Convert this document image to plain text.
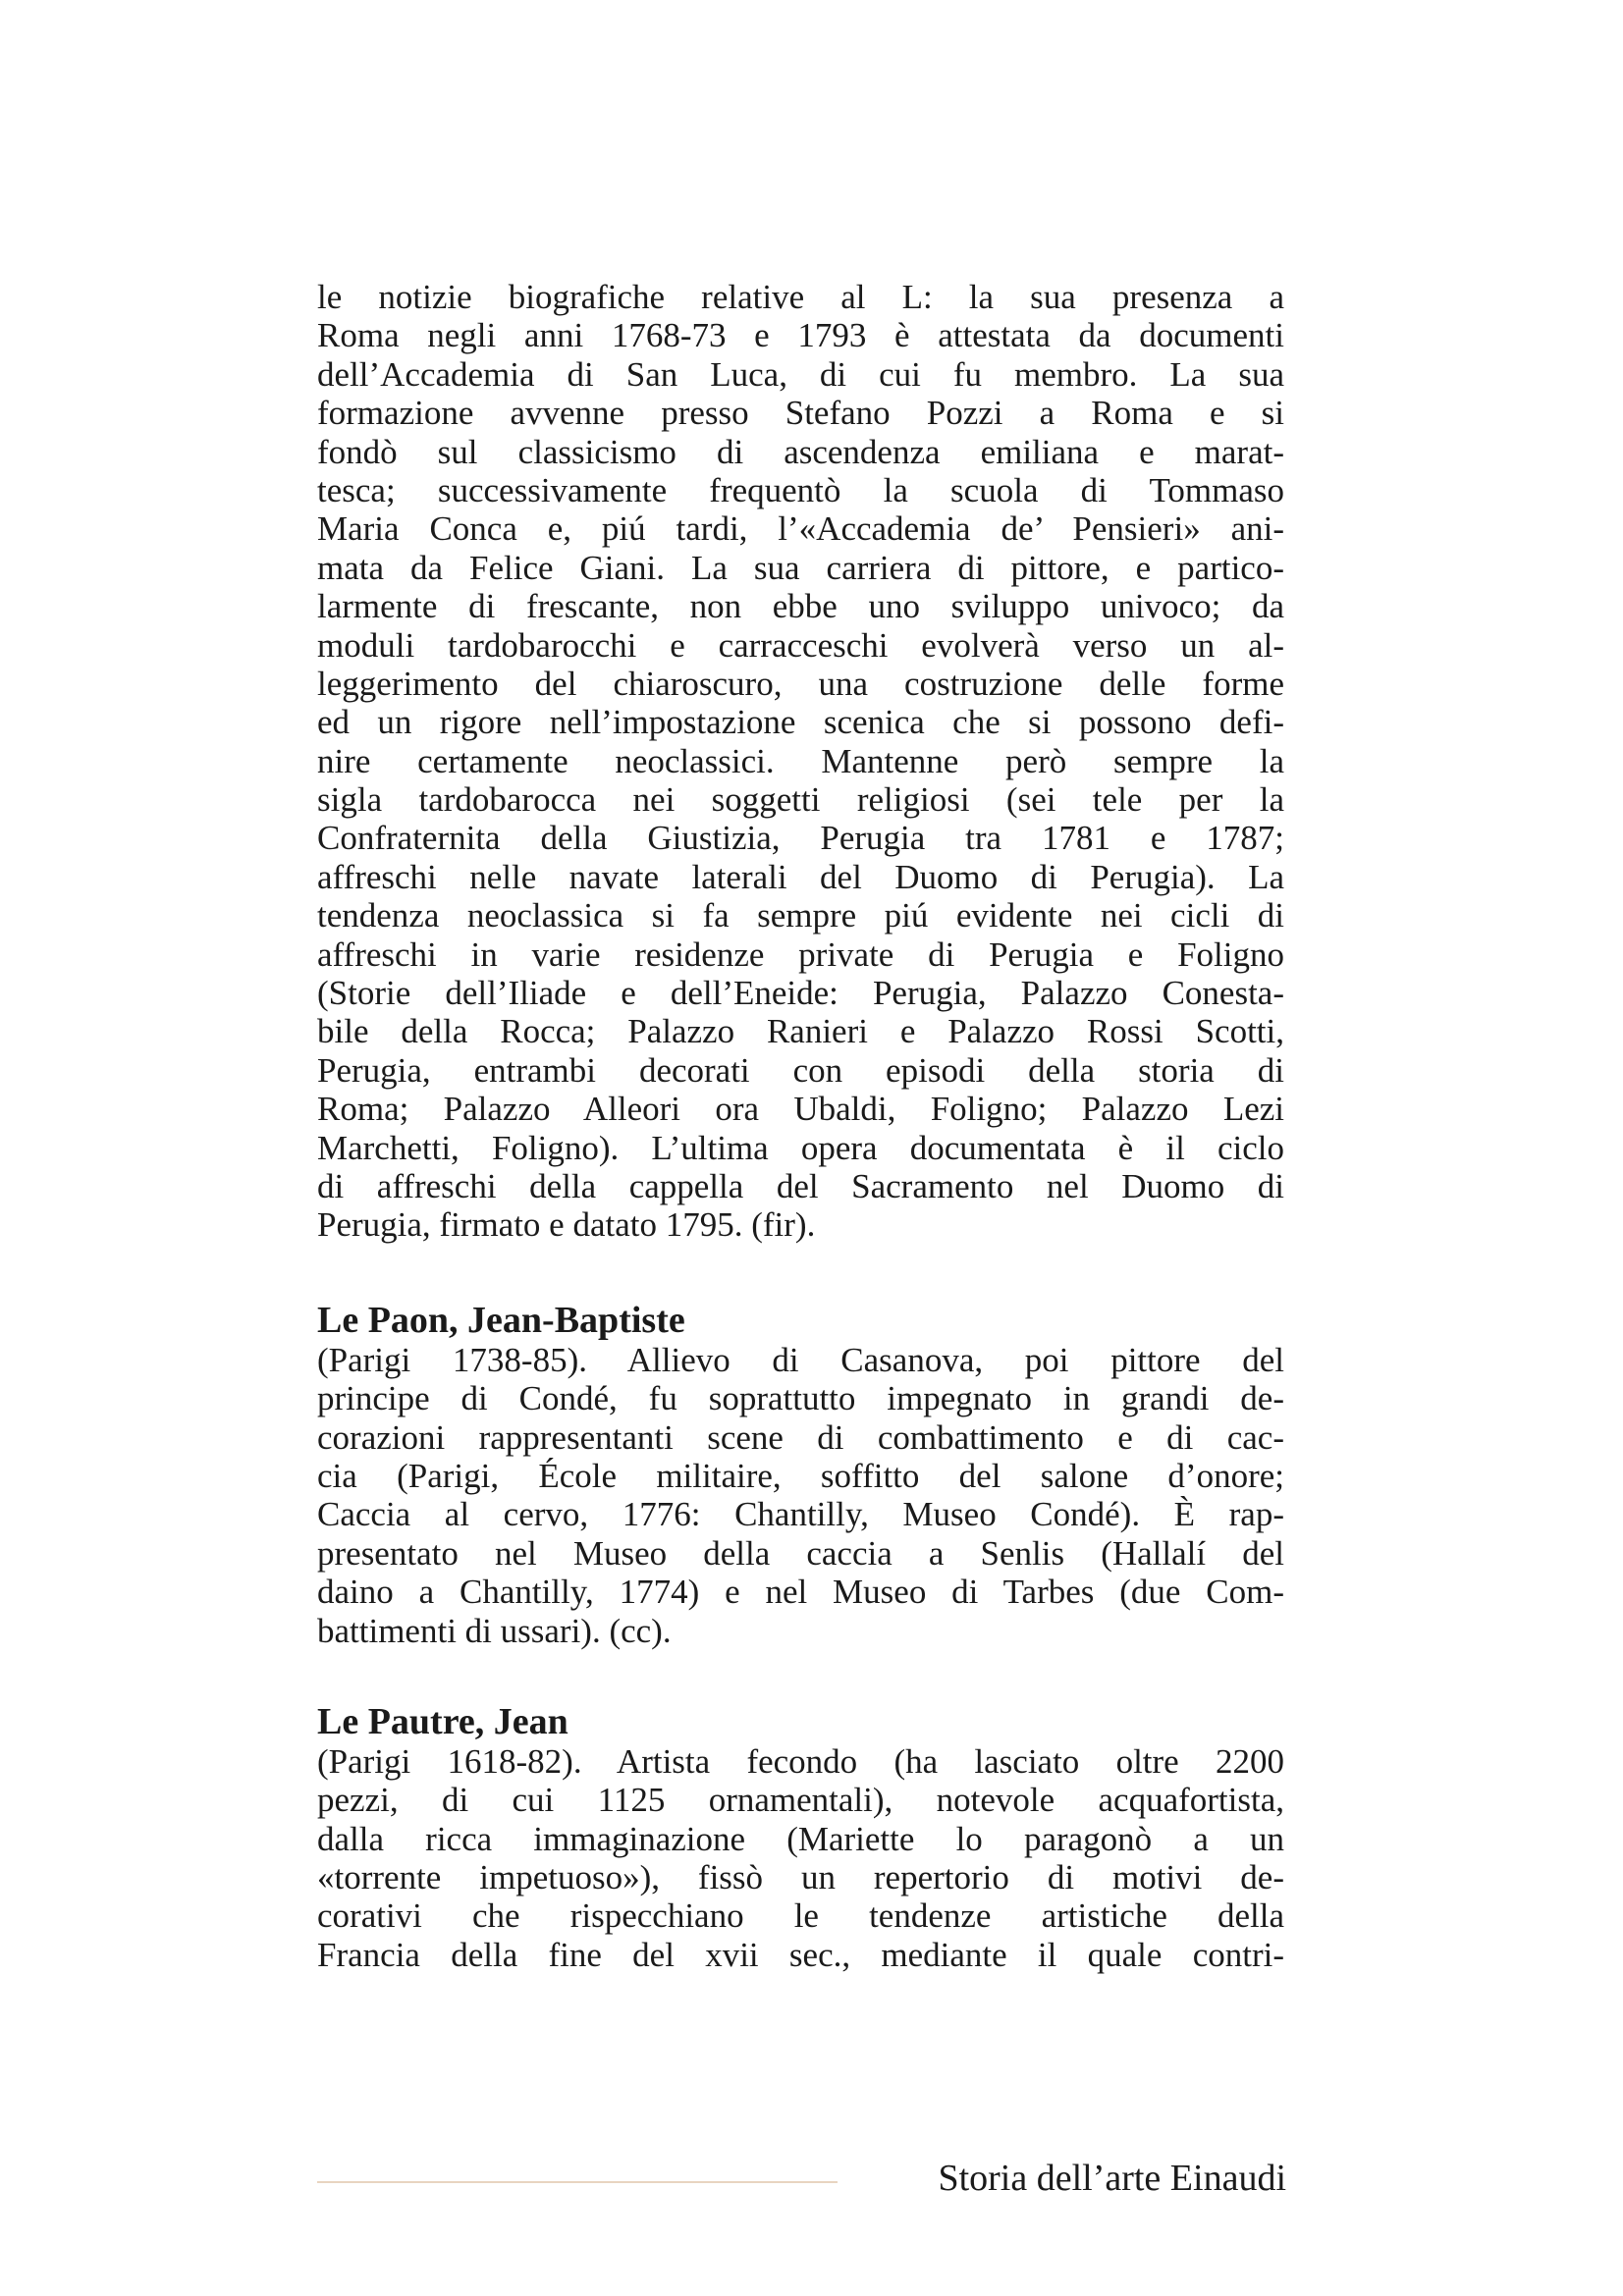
le notizie biografiche relative al L: la sua presenza a
Roma negli anni 1768-73 e 1793 è attestata da documenti
dell’Accademia di San Luca, di cui fu membro. La sua
formazione avvenne presso Stefano Pozzi a Roma e si
fondò sul classicismo di ascendenza emiliana e marat-
tesca; successivamente frequentò la scuola di Tommaso
Maria Conca e, piú tardi, l’«Accademia de’ Pensieri» ani-
mata da Felice Giani. La sua carriera di pittore, e partico-
larmente di frescante, non ebbe uno sviluppo univoco; da
moduli tardobarocchi e carracceschi evolverà verso un al-
leggerimento del chiaroscuro, una costruzione delle forme
ed un rigore nell’impostazione scenica che si possono defi-
nire certamente neoclassici. Mantenne però sempre la
sigla tardobarocca nei soggetti religiosi (sei tele per la
Confraternita della Giustizia, Perugia tra 1781 e 1787;
affreschi nelle navate laterali del Duomo di Perugia). La
tendenza neoclassica si fa sempre piú evidente nei cicli di
affreschi in varie residenze private di Perugia e Foligno
(Storie dell’Iliade e dell’Eneide: Perugia, Palazzo Conesta-
bile della Rocca; Palazzo Ranieri e Palazzo Rossi Scotti,
Perugia, entrambi decorati con episodi della storia di
Roma; Palazzo Alleori ora Ubaldi, Foligno; Palazzo Lezi
Marchetti, Foligno). L’ultima opera documentata è il ciclo
di affreschi della cappella del Sacramento nel Duomo di
Perugia, firmato e datato 1795. (fir).
Le Paon, Jean-Baptiste
(Parigi 1738-85). Allievo di Casanova, poi pittore del
principe di Condé, fu soprattutto impegnato in grandi de-
corazioni rappresentanti scene di combattimento e di cac-
cia (Parigi, École militaire, soffitto del salone d’onore;
Caccia al cervo, 1776: Chantilly, Museo Condé). È rap-
presentato nel Museo della caccia a Senlis (Hallalí del
daino a Chantilly, 1774) e nel Museo di Tarbes (due Com-
battimenti di ussari). (cc).
Le Pautre, Jean
(Parigi 1618-82). Artista fecondo (ha lasciato oltre 2200
pezzi, di cui 1125 ornamentali), notevole acquafortista,
dalla ricca immaginazione (Mariette lo paragonò a un
«torrente impetuoso»), fissò un repertorio di motivi de-
corativi che rispecchiano le tendenze artistiche della
Francia della fine del xvii sec., mediante il quale contri-
Storia dell’arte Einaudi
